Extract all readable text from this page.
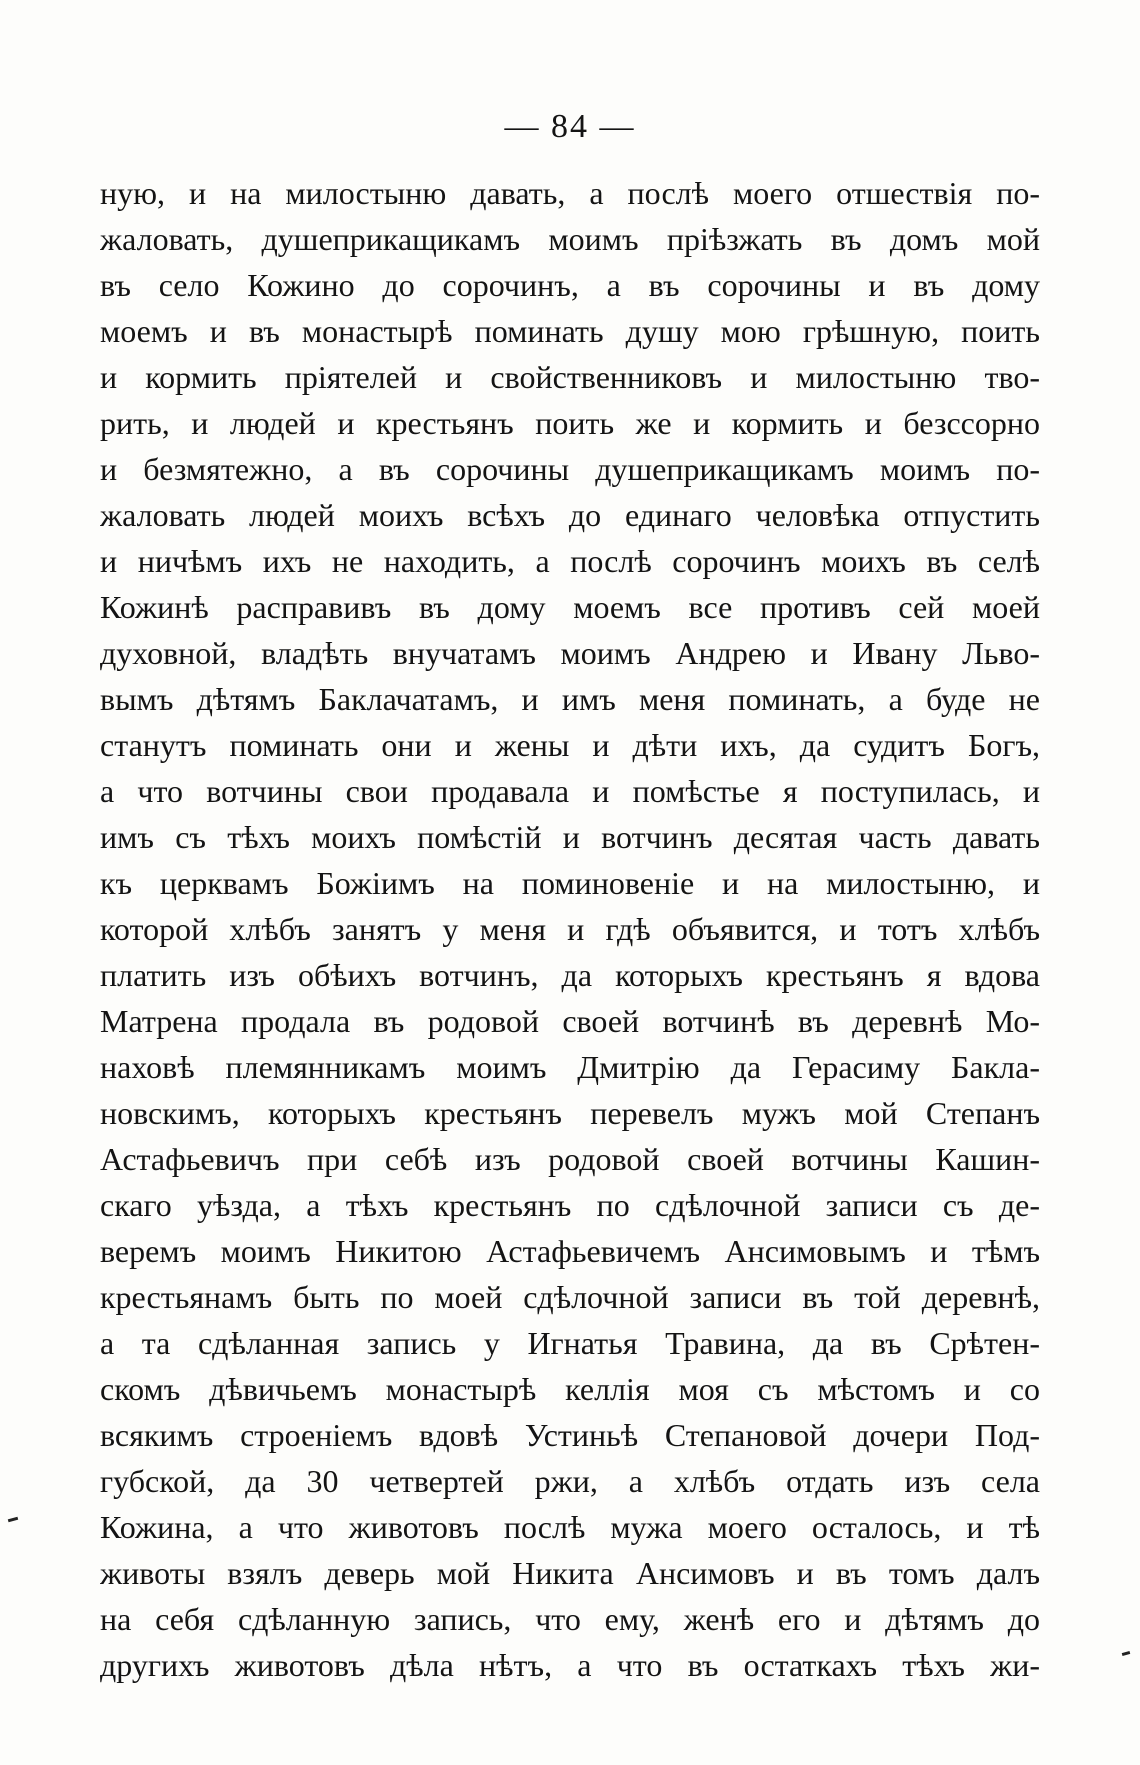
— 84 —
ную, и на милостыню давать, а послѣ моего отшествія по-
жаловать, душеприкащикамъ моимъ пріѣзжать въ домъ мой
въ село Кожино до сорочинъ, а въ сорочины и въ дому
моемъ и въ монастырѣ поминать душу мою грѣшную, поить
и кормить пріятелей и свойственниковъ и милостыню тво-
рить, и людей и крестьянъ поить же и кормить и безссорно
и безмятежно, а въ сорочины душеприкащикамъ моимъ по-
жаловать людей моихъ всѣхъ до единаго человѣка отпустить
и ничѣмъ ихъ не находить, а послѣ сорочинъ моихъ въ селѣ
Кожинѣ расправивъ въ дому моемъ все противъ сей моей
духовной, владѣть внучатамъ моимъ Андрею и Ивану Льво-
вымъ дѣтямъ Баклачатамъ, и имъ меня поминать, а буде не
станутъ поминать они и жены и дѣти ихъ, да судитъ Богъ,
а что вотчины свои продавала и помѣстье я поступилась, и
имъ съ тѣхъ моихъ помѣстій и вотчинъ десятая часть давать
къ церквамъ Божіимъ на поминовеніе и на милостыню, и
которой хлѣбъ занятъ у меня и гдѣ объявится, и тотъ хлѣбъ
платить изъ обѣихъ вотчинъ, да которыхъ крестьянъ я вдова
Матрена продала въ родовой своей вотчинѣ въ деревнѣ Мо-
наховѣ племянникамъ моимъ Дмитрію да Герасиму Бакла-
новскимъ, которыхъ крестьянъ перевелъ мужъ мой Степанъ
Астафьевичъ при себѣ изъ родовой своей вотчины Кашин-
скаго уѣзда, а тѣхъ крестьянъ по сдѣлочной записи съ де-
веремъ моимъ Никитою Астафьевичемъ Ансимовымъ и тѣмъ
крестьянамъ быть по моей сдѣлочной записи въ той деревнѣ,
а та сдѣланная запись у Игнатья Травина, да въ Срѣтен-
скомъ дѣвичьемъ монастырѣ келлія моя съ мѣстомъ и со
всякимъ строеніемъ вдовѣ Устиньѣ Степановой дочери Под-
губской, да 30 четвертей ржи, а хлѣбъ отдать изъ села
Кожина, а что животовъ послѣ мужа моего осталось, и тѣ
животы взялъ деверь мой Никита Ансимовъ и въ томъ далъ
на себя сдѣланную запись, что ему, женѣ его и дѣтямъ до
другихъ животовъ дѣла нѣтъ, а что въ остаткахъ тѣхъ жи-
